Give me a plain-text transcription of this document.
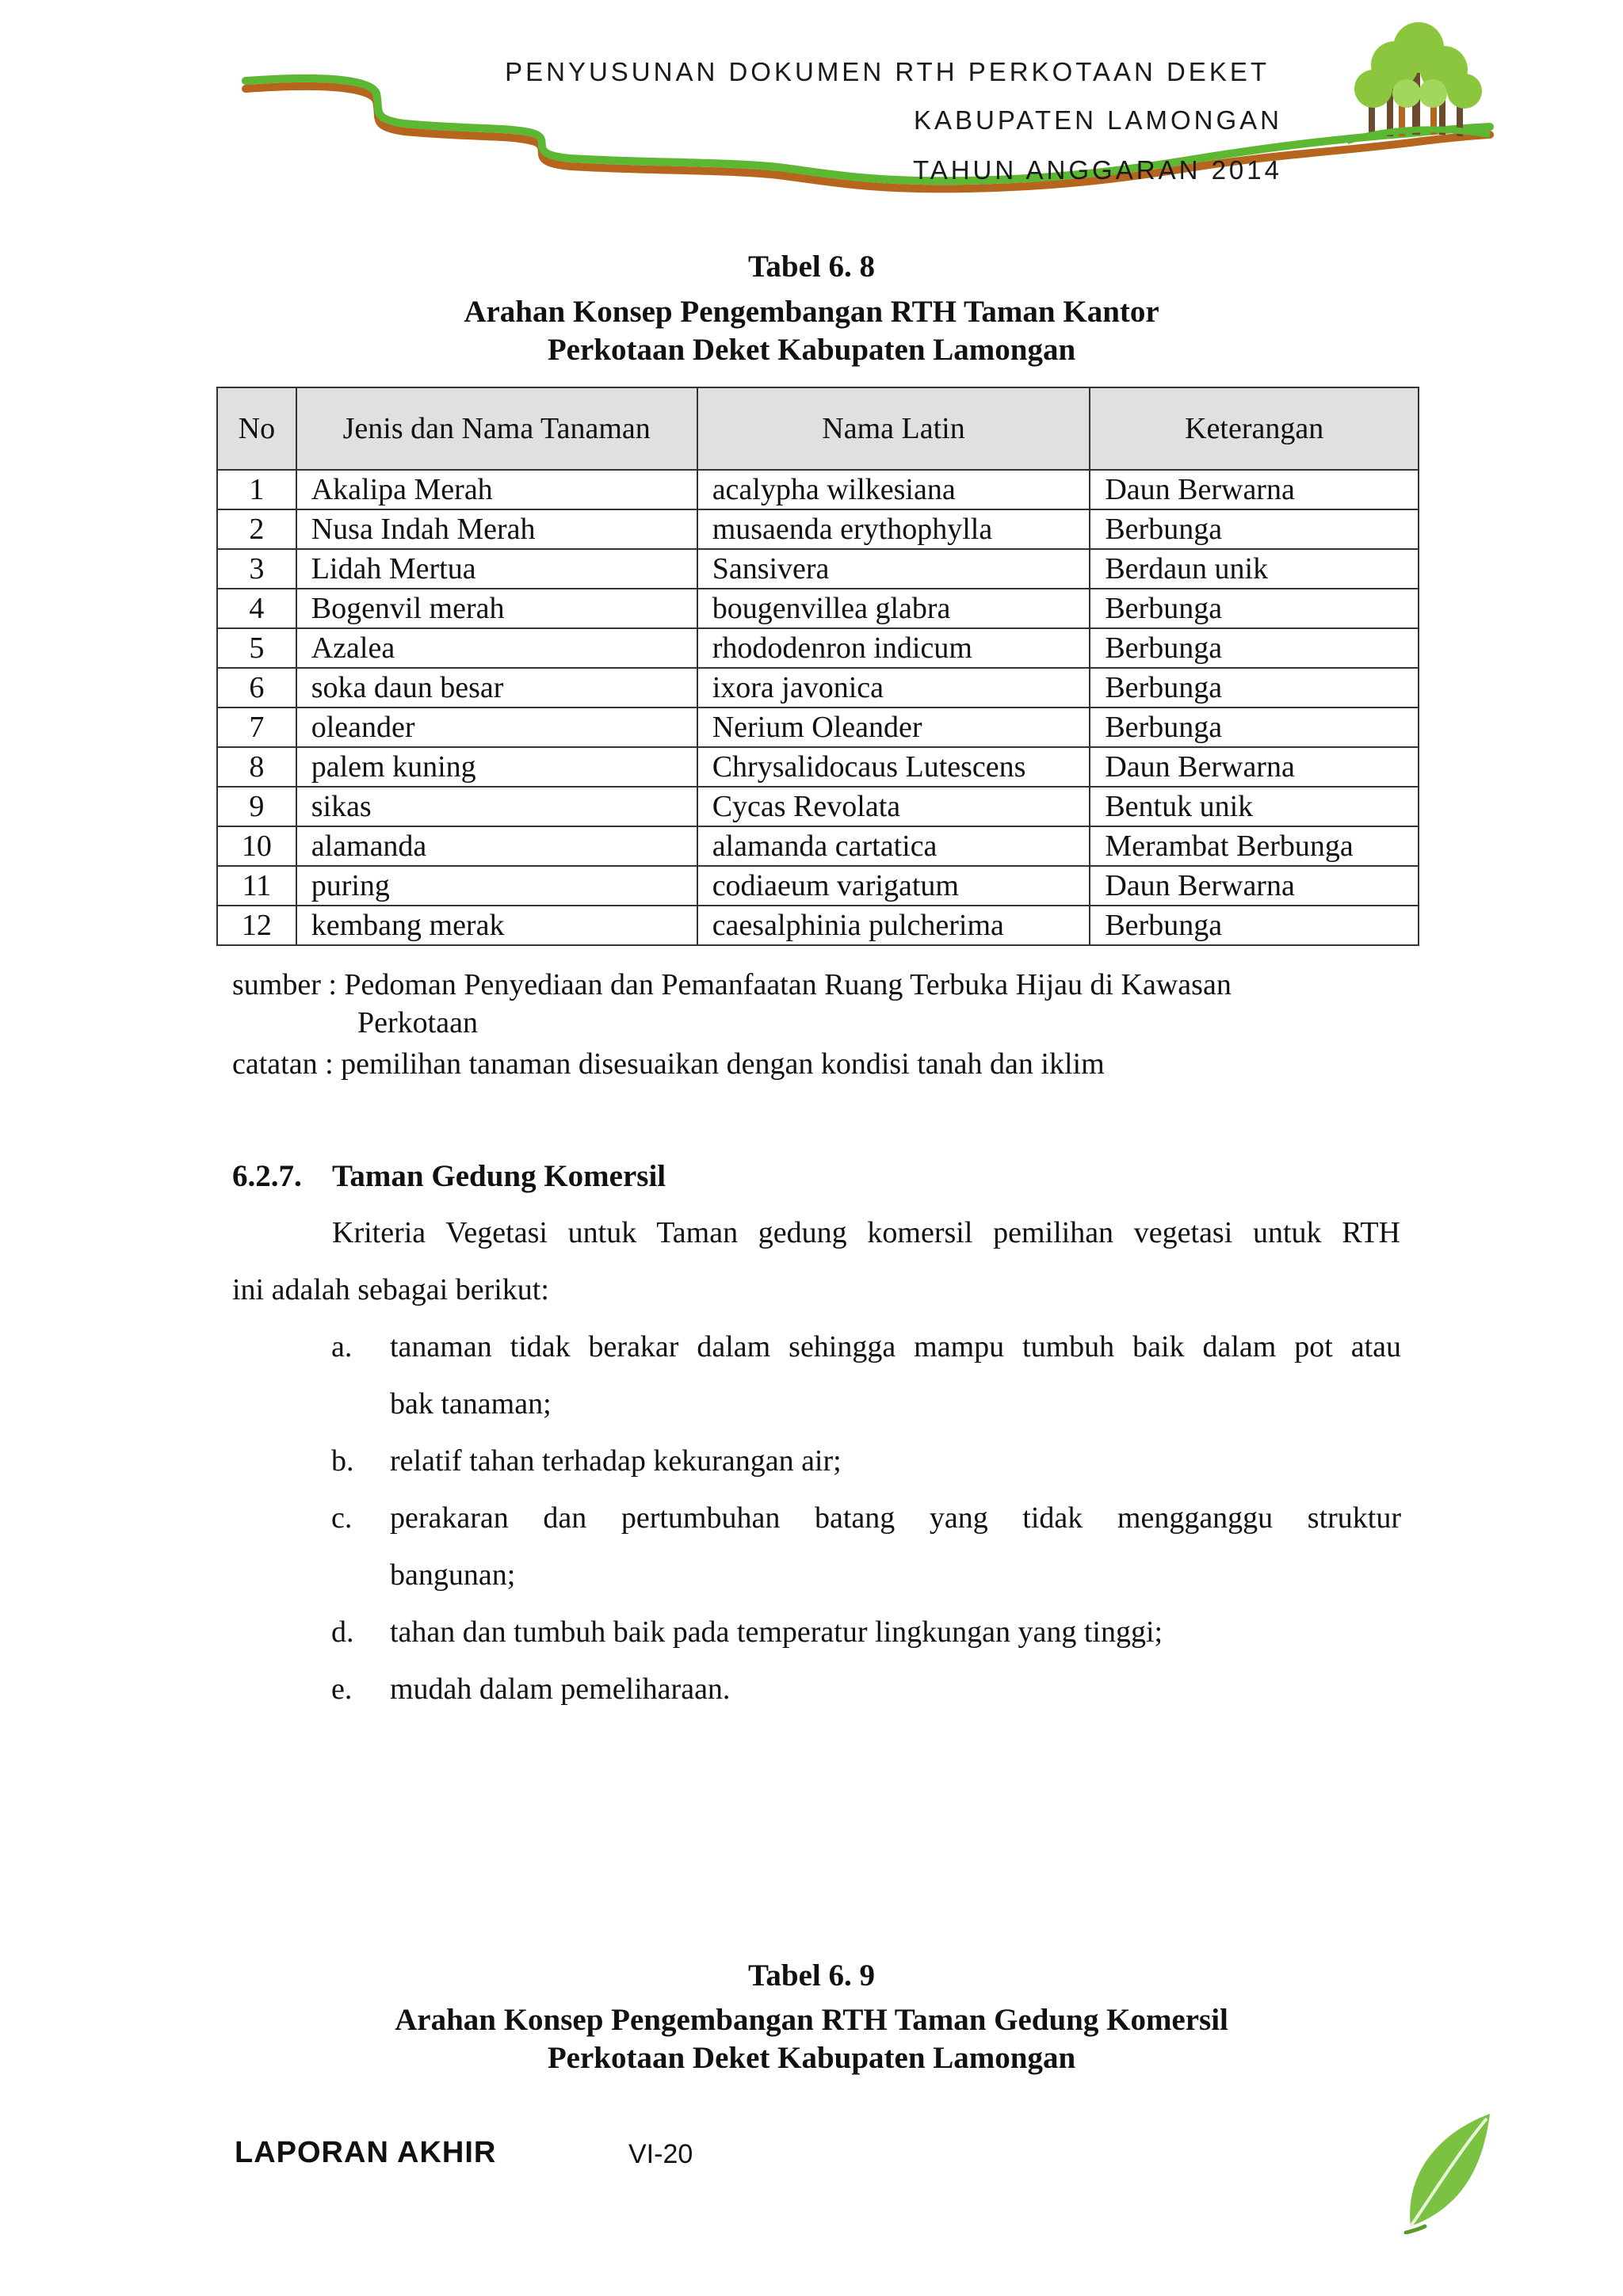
PENYUSUNAN DOKUMEN RTH PERKOTAAN DEKET
KABUPATEN LAMONGAN
TAHUN ANGGARAN 2014
Tabel 6. 8
Arahan Konsep Pengembangan RTH Taman Kantor
Perkotaan Deket Kabupaten Lamongan
No	Jenis dan Nama Tanaman	Nama Latin	Keterangan
1	Akalipa Merah	acalypha wilkesiana	Daun Berwarna
2	Nusa Indah Merah	musaenda erythophylla	Berbunga
3	Lidah Mertua	Sansivera	Berdaun unik
4	Bogenvil merah	bougenvillea glabra	Berbunga
5	Azalea	rhododenron indicum	Berbunga
6	soka daun besar	ixora javonica	Berbunga
7	oleander	Nerium Oleander	Berbunga
8	palem kuning	Chrysalidocaus Lutescens	Daun Berwarna
9	sikas	Cycas Revolata	Bentuk unik
10	alamanda	alamanda cartatica	Merambat Berbunga
11	puring	codiaeum varigatum	Daun Berwarna
12	kembang merak	caesalphinia pulcherima	Berbunga
sumber : Pedoman Penyediaan dan Pemanfaatan Ruang Terbuka Hijau di Kawasan
Perkotaan
catatan : pemilihan tanaman disesuaikan dengan kondisi tanah dan iklim
6.2.7. Taman Gedung Komersil
Kriteria Vegetasi untuk Taman gedung komersil pemilihan vegetasi untuk RTH
ini adalah sebagai berikut:
a. tanaman tidak berakar dalam sehingga mampu tumbuh baik dalam pot atau
bak tanaman;
b. relatif tahan terhadap kekurangan air;
c. perakaran dan pertumbuhan batang yang tidak mengganggu struktur
bangunan;
d. tahan dan tumbuh baik pada temperatur lingkungan yang tinggi;
e. mudah dalam pemeliharaan.
Tabel 6. 9
Arahan Konsep Pengembangan RTH Taman Gedung Komersil
Perkotaan Deket Kabupaten Lamongan
LAPORAN AKHIR	VI-20
